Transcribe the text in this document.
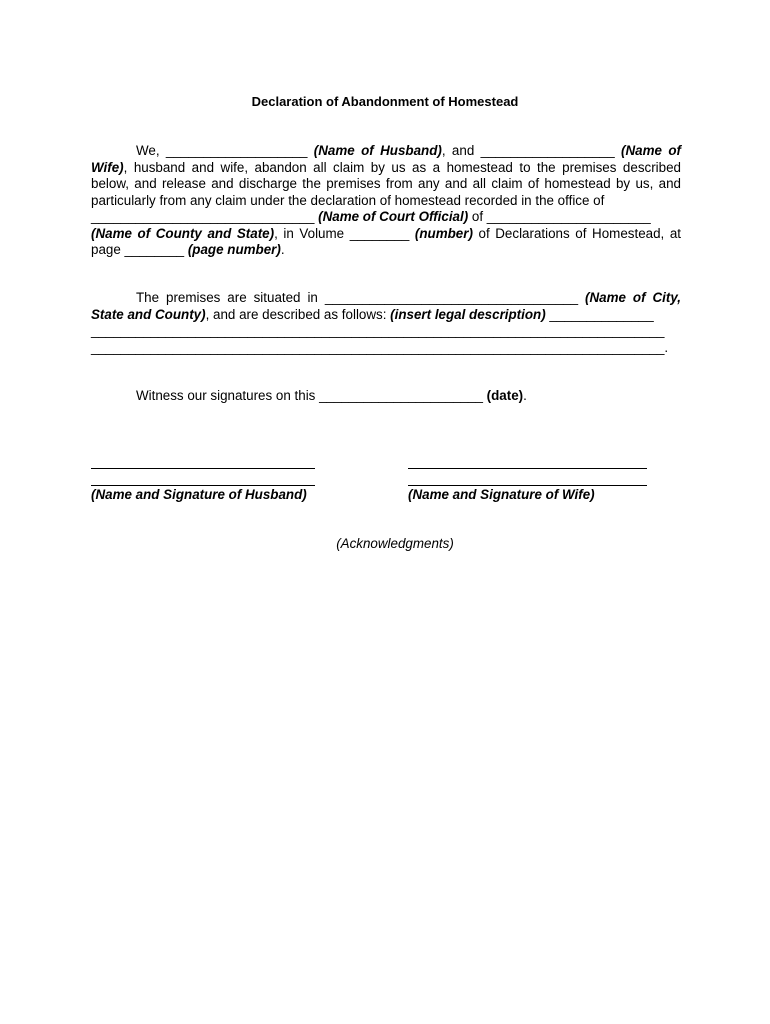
Declaration of Abandonment of Homestead
We, ___________________ (Name of Husband), and __________________ (Name of
Wife), husband and wife, abandon all claim by us as a homestead to the premises described
below, and release and discharge the premises from any and all claim of homestead by us, and
particularly from any claim under the declaration of homestead recorded in the office of
______________________________ (Name of Court Official) of ______________________
(Name of County and State), in Volume ________ (number) of Declarations of Homestead, at
page ________ (page number).
The premises are situated in __________________________________ (Name of City,
State and County), and are described as follows: (insert legal description) ______________
_____________________________________________________________________________
_____________________________________________________________________________.
Witness our signatures on this ______________________ (date).
(Name and Signature of Husband)	(Name and Signature of Wife)
(Acknowledgments)
